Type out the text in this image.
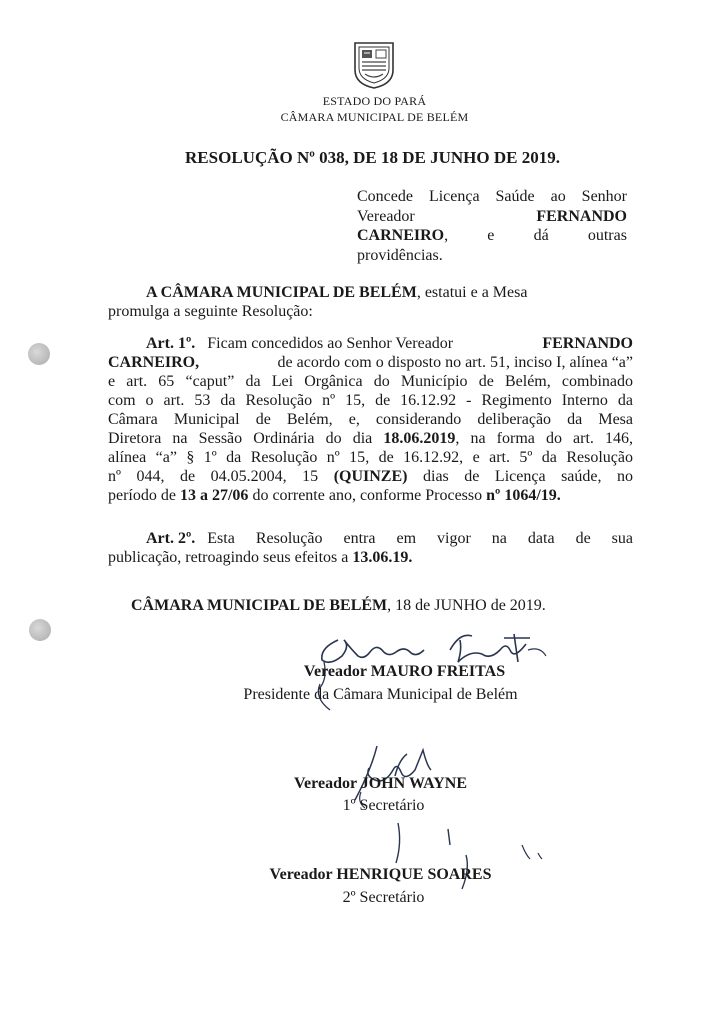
ESTADO DO PARÁ
CÂMARA MUNICIPAL DE BELÉM
RESOLUÇÃO Nº 038, DE 18 DE JUNHO DE 2019.
Concede Licença Saúde ao Senhor
Vereador	FERNANDO
CARNEIRO, e dá outras
providências.
A CÂMARA MUNICIPAL DE BELÉM, estatui e a Mesa
promulga a seguinte Resolução:
Art. 1º. Ficam concedidos ao Senhor Vereador	FERNANDO
CARNEIRO,	de acordo com o disposto no art. 51, inciso I, alínea “a”
e art. 65 “caput” da Lei Orgânica do Município de Belém, combinado
com o art. 53 da Resolução nº 15, de 16.12.92 - Regimento Interno da
Câmara Municipal de Belém, e, considerando deliberação da Mesa
Diretora na Sessão Ordinária do dia 18.06.2019, na forma do art. 146,
alínea “a” § 1º da Resolução nº 15, de 16.12.92, e art. 5º da Resolução
nº 044, de 04.05.2004, 15 (QUINZE) dias de Licença saúde, no
período de 13 a 27/06 do corrente ano, conforme Processo nº 1064/19.
Art. 2º. Esta Resolução entra em vigor na data de sua
publicação, retroagindo seus efeitos a 13.06.19.
CÂMARA MUNICIPAL DE BELÉM, 18 de JUNHO de 2019.
Vereador MAURO FREITAS
Presidente da Câmara Municipal de Belém
Vereador JOHN WAYNE
1º Secretário
Vereador HENRIQUE SOARES
2º Secretário
